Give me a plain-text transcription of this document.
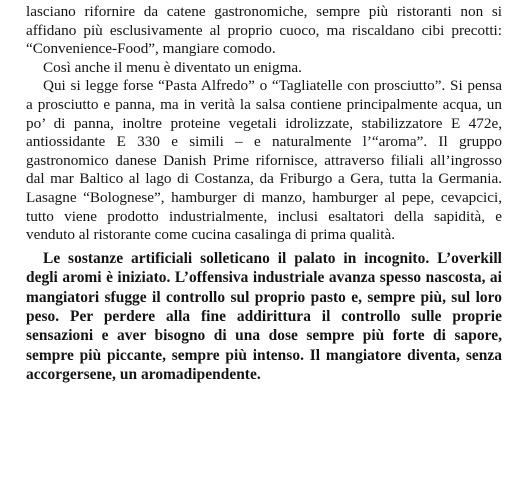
lasciano rifornire da catene gastronomiche, sempre più ristoranti non si affidano più esclusivamente al proprio cuoco, ma riscaldano cibi precotti: “Convenience-Food”, mangiare comodo.

Così anche il menu è diventato un enigma.

Qui si legge forse “Pasta Alfredo” o “Tagliatelle con prosciutto”. Si pensa a prosciutto e panna, ma in verità la salsa contiene principalmente acqua, un po’ di panna, inoltre proteine vegetali idrolizzate, stabilizzatore E 472e, antiossidante E 330 e simili – e naturalmente l’“aroma”. Il gruppo gastronomico danese Danish Prime rifornisce, attraverso filiali all’ingrosso dal mar Baltico al lago di Costanza, da Friburgo a Gera, tutta la Germania. Lasagne “Bolognese”, hamburger di manzo, hamburger al pepe, cevapcici, tutto viene prodotto industrialmente, inclusi esaltatori della sapidità, e venduto al ristorante come cucina casalinga di prima qualità.

Le sostanze artificiali solleticano il palato in incognito. L’overkill degli aromi è iniziato. L’offensiva industriale avanza spesso nascosta, ai mangiatori sfugge il controllo sul proprio pasto e, sempre più, sul loro peso. Per perdere alla fine addirittura il controllo sulle proprie sensazioni e aver bisogno di una dose sempre più forte di sapore, sempre più piccante, sempre più intenso. Il mangiatore diventa, senza accorgersene, un aromadipendente.
